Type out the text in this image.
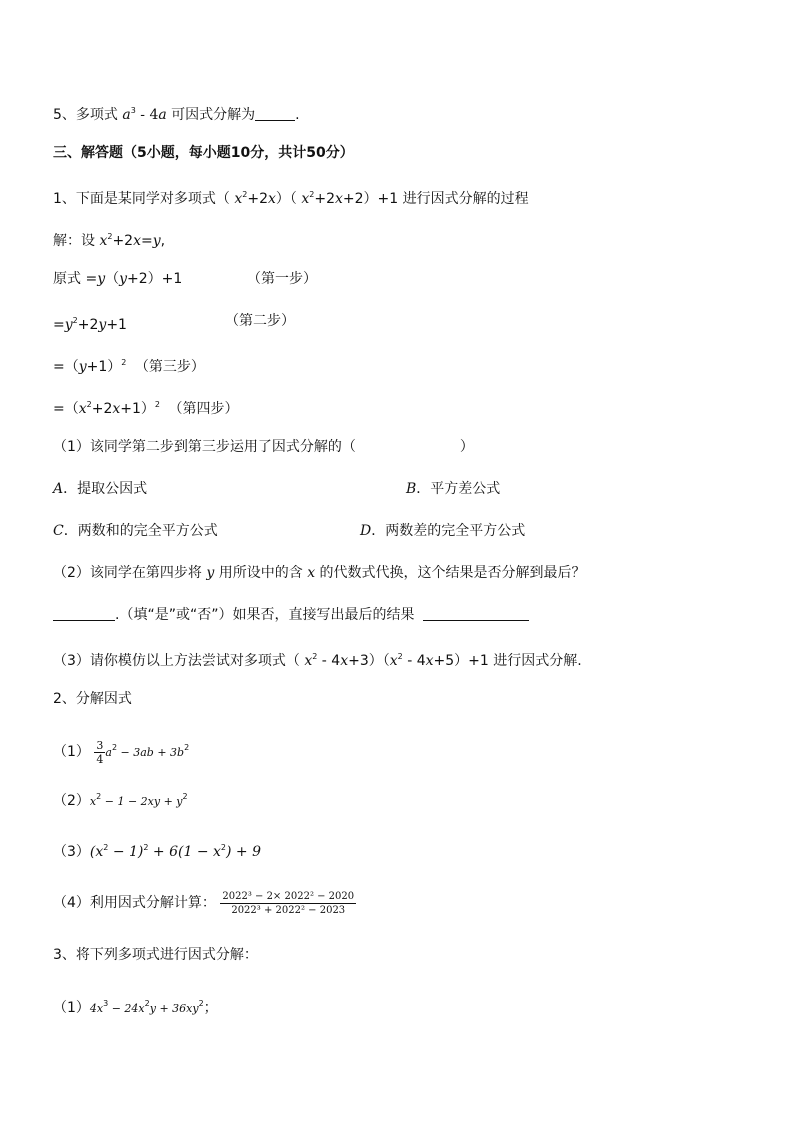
5、多项式 $a^3 - 4a$ 可因式分解为	.
三、解答题（5小题，每小题10分，共计50分）
1、下面是某同学对多项式（ $x^2+2x$）（ $x^2+2x+2)+1$ 进行因式分解的过程
解：设 $x^2+2x=y$,
原式 =y（y+2）+1	（第一步）
$=y^2+2y+1$	（第二步）
$=(y+1)^2$ （第三步）
$=(x^2+2x+1)^2$ （第四步）
（1）该同学第二步到第三步运用了因式分解的（	）
A．提取公因式	B．平方差公式
C．两数和的完全平方公式	D．两数差的完全平方公式
（2）该同学在第四步将 y 用所设中的含 x 的代数式代换，这个结果是否分解到最后？
.（填“是”或“否”）如果否，直接写出最后的结果
（3）请你模仿以上方法尝试对多项式（ $x^2 - 4x+3)(x^2 - 4x+5)+1$ 进行因式分解.
2、分解因式
$(1) \frac{3}{4} a^2 - 3ab + 3b^2$
$(2)x^2 - 1 - 2xy + y^2$
$(3)(x^2 - 1)^2 + 6(1 - x^2) + 9$
（4）利用因式分解计算： $\frac{\text{2022³ − 2× 2022² − 2020}}{\text{2022³ + 2022² − 2023}}$
3、将下列多项式进行因式分解：
$(1)4x^3 - 24x^2y + 36xy^2$；
